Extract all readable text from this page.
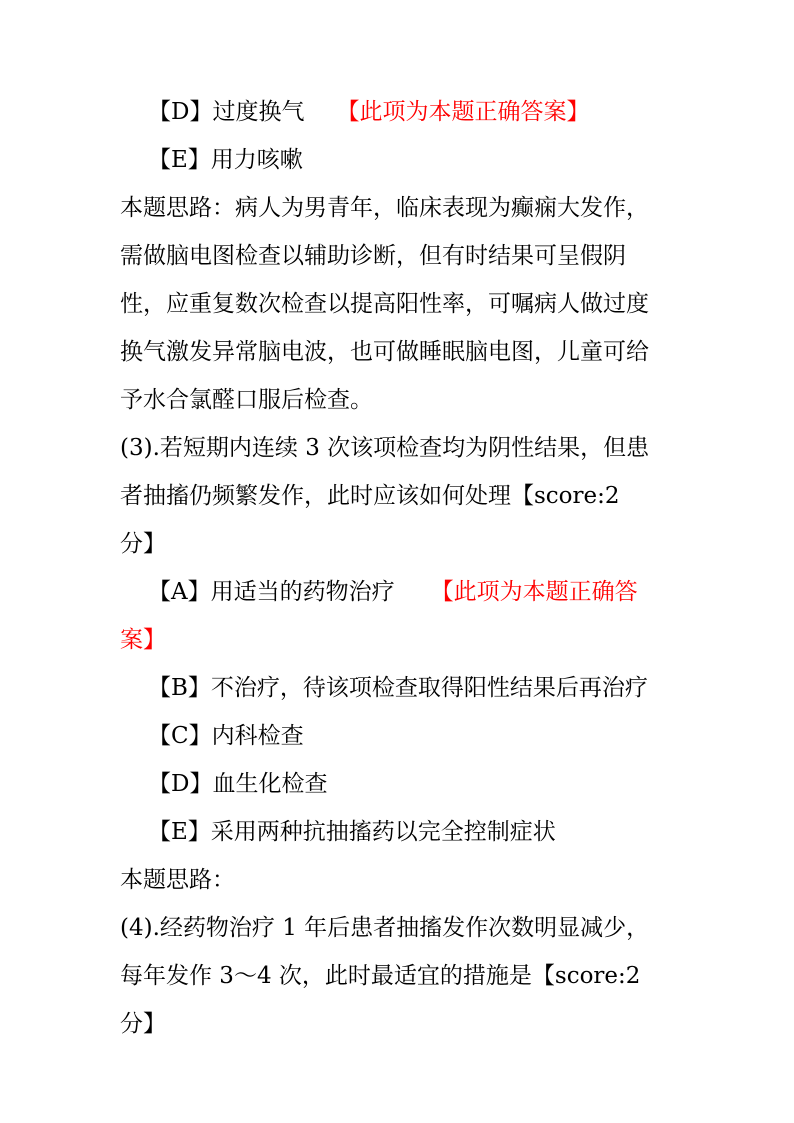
【D】过度换气 【此项为本题正确答案】
【E】用力咳嗽
本题思路：病人为男青年，临床表现为癫痫大发作，
需做脑电图检查以辅助诊断，但有时结果可呈假阴
性，应重复数次检查以提高阳性率，可嘱病人做过度
换气激发异常脑电波，也可做睡眠脑电图，儿童可给
予水合氯醛口服后检查。
(3).若短期内连续 3 次该项检查均为阴性结果，但患
者抽搐仍频繁发作，此时应该如何处理【score:2
分】
【A】用适当的药物治疗 【此项为本题正确答
案】
【B】不治疗，待该项检查取得阳性结果后再治疗
【C】内科检查
【D】血生化检查
【E】采用两种抗抽搐药以完全控制症状
本题思路：
(4).经药物治疗 1 年后患者抽搐发作次数明显减少，
每年发作 3～4 次，此时最适宜的措施是【score:2
分】
